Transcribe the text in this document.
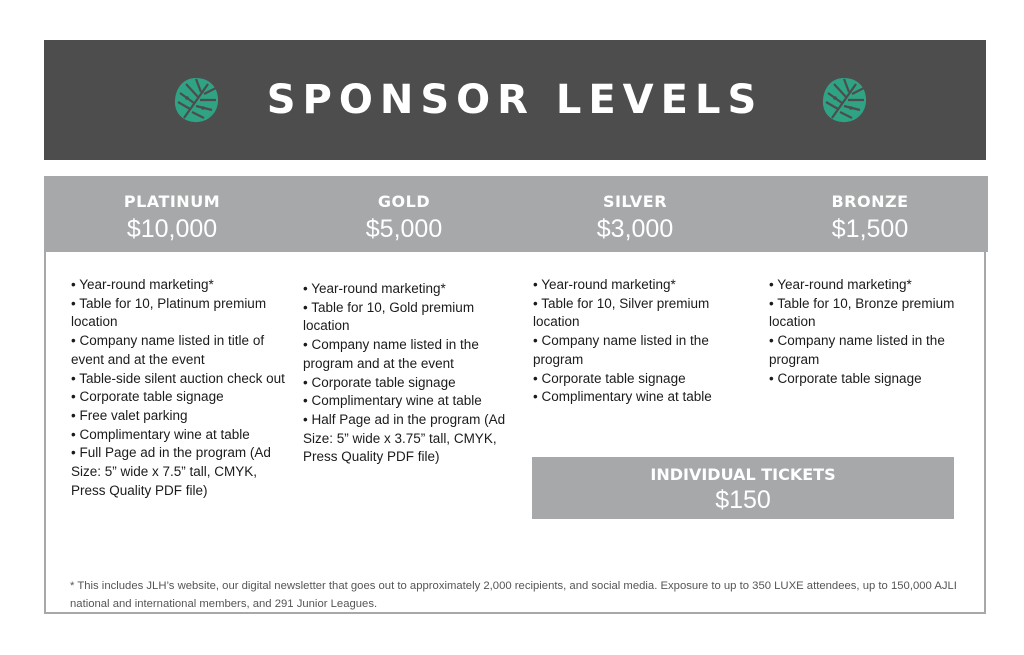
SPONSOR LEVELS
PLATINUM
$10,000
GOLD
$5,000
SILVER
$3,000
BRONZE
$1,500
• Year-round marketing*
• Table for 10, Platinum premium location
• Company name listed in title of event and at the event
• Table-side silent auction check out
• Corporate table signage
• Free valet parking
• Complimentary wine at table
• Full Page ad in the program (Ad Size: 5” wide x 7.5” tall, CMYK, Press Quality PDF file)
• Year-round marketing*
• Table for 10, Gold premium location
• Company name listed in the program and at the event
• Corporate table signage
• Complimentary wine at table
• Half Page ad in the program (Ad Size: 5” wide x 3.75” tall, CMYK, Press Quality PDF file)
• Year-round marketing*
• Table for 10, Silver premium location
• Company name listed in the program
• Corporate table signage
• Complimentary wine at table
• Year-round marketing*
• Table for 10, Bronze premium location
• Company name listed in the program
• Corporate table signage
INDIVIDUAL TICKETS
$150
* This includes JLH’s website, our digital newsletter that goes out to approximately 2,000 recipients, and social media. Exposure to up to 350 LUXE attendees, up to 150,000 AJLI national and international members, and 291 Junior Leagues.
